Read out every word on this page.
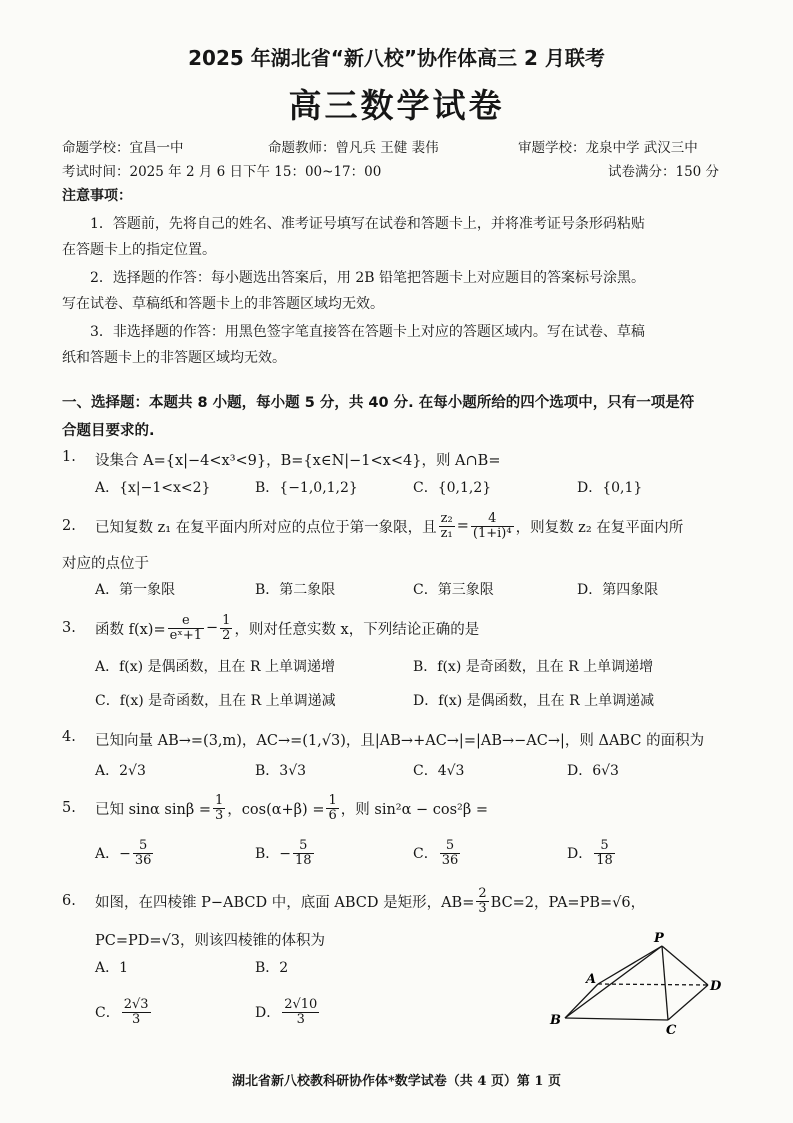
2025 年湖北省“新八校”协作体高三 2 月联考
高三数学试卷
命题学校：宜昌一中	命题教师：曾凡兵 王健 裴伟	审题学校：龙泉中学 武汉三中
考试时间：2025 年 2 月 6 日下午 15：00~17：00	试卷满分：150 分
注意事项：
1．答题前，先将自己的姓名、准考证号填写在试卷和答题卡上，并将准考证号条形码粘贴
在答题卡上的指定位置。
2．选择题的作答：每小题选出答案后，用 2B 铅笔把答题卡上对应题目的答案标号涂黑。
写在试卷、草稿纸和答题卡上的非答题区域均无效。
3．非选择题的作答：用黑色签字笔直接答在答题卡上对应的答题区域内。写在试卷、草稿
纸和答题卡上的非答题区域均无效。
一、选择题：本题共 8 小题，每小题 5 分，共 40 分. 在每小题所给的四个选项中，只有一项是符
合题目要求的.
1. 设集合 A={x|−4<x³<9}，B={x∈N|−1<x<4}，则 A∩B=
A．{x|−1<x<2}	B．{−1,0,1,2}	C．{0,1,2}	D．{0,1}
2. 已知复数 z₁ 在复平面内所对应的点位于第一象限，且 $\frac{\text{z₂}}{\text{z₁}} = \frac{4}{\text{(1+i)⁴}}$ ，则复数 z₂ 在复平面内所
对应的点位于
A．第一象限	B．第二象限	C．第三象限	D．第四象限
3. 函数 $f(x)= \frac{e}{\text{eˣ+1}} - \frac{1}{2}$ ，则对任意实数 x，下列结论正确的是
A．f(x) 是偶函数，且在 R 上单调递增	B．f(x) 是奇函数，且在 R 上单调递增
C．f(x) 是奇函数，且在 R 上单调递减	D．f(x) 是偶函数，且在 R 上单调递减
4. 已知向量 AB→=(3,m)，AC→=(1,√3)，且|AB→+AC→|=|AB→−AC→|，则 ΔABC 的面积为
A．2√3	B．3√3	C．4√3	D．6√3
5. 已知 sinα $\sin\beta = \frac{1}{3}$ ，$\cos(\alpha+\beta) = \frac{1}{6}$ ，则 sin²α − cos²β =
A．− $\frac{5}{36}$	B．− $\frac{5}{18}$	C． $\frac{5}{36}$	D． $\frac{5}{18}$
6. 如图，在四棱锥 P−ABCD 中，底面 ABCD 是矩形，$AB= \frac{2}{3} BC=2$，PA=PB=√6，
PC=PD=√3，则该四棱锥的体积为
A．1	B．2
C． $\frac{2√3}{3}$	D． $\frac{2√10}{3}$
P
A
B
C
D
湖北省新八校教科研协作体*数学试卷（共 4 页）第 1 页
